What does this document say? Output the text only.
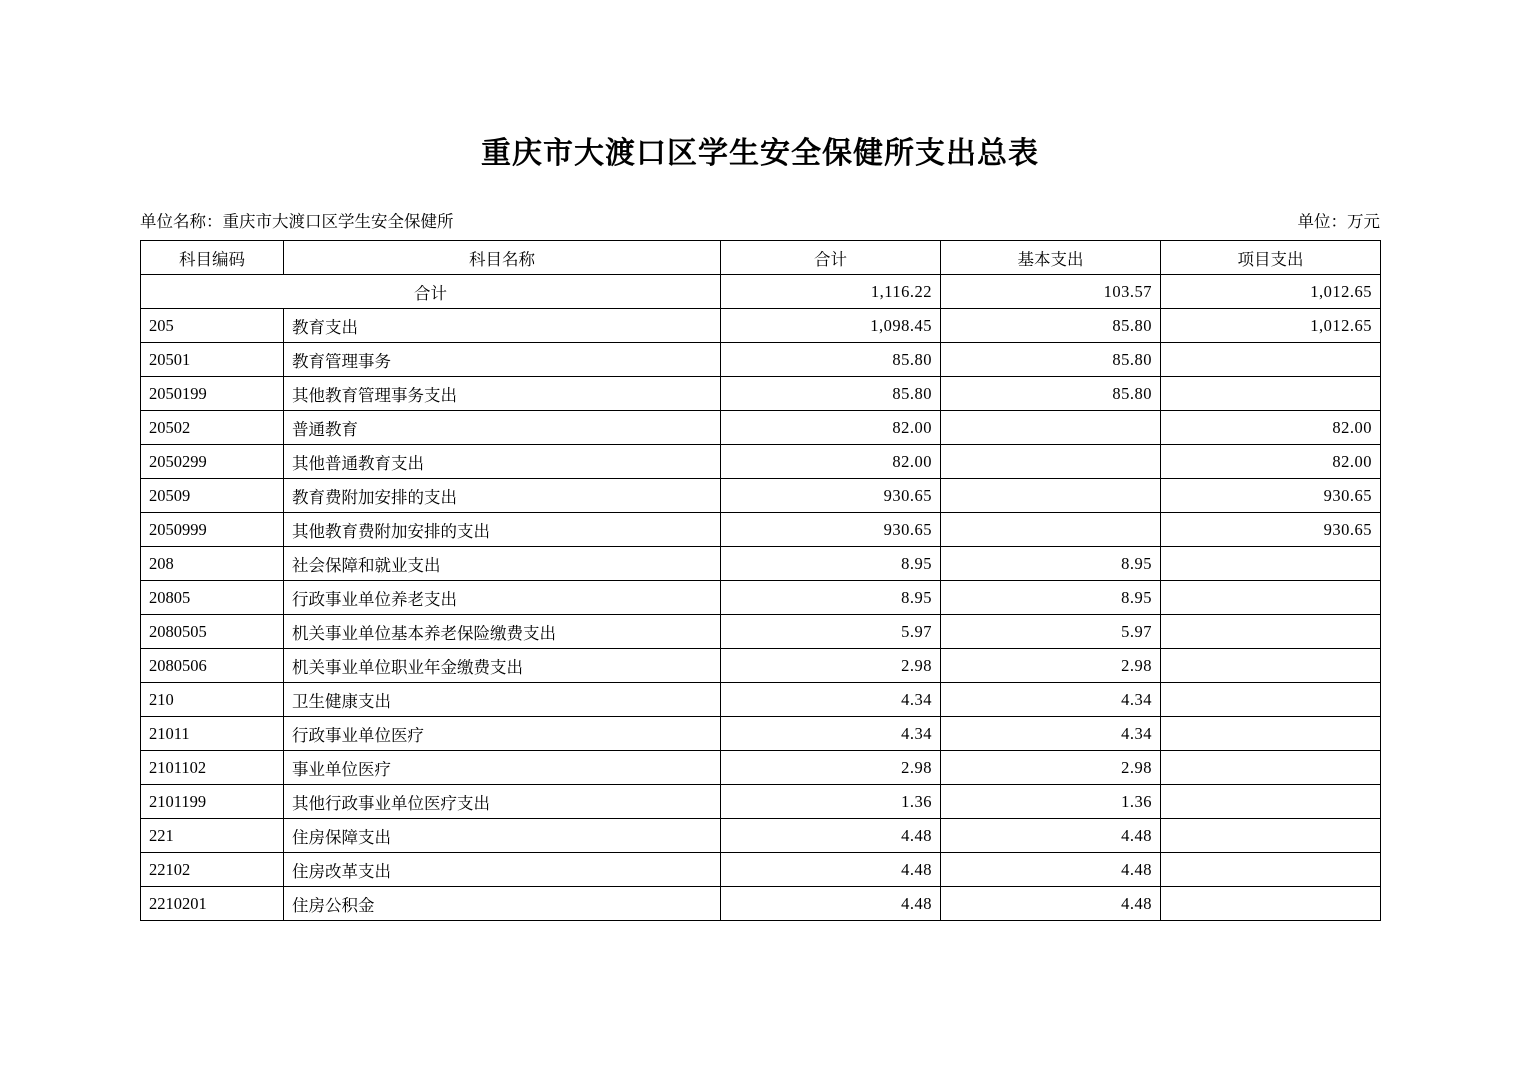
重庆市大渡口区学生安全保健所支出总表
单位名称：重庆市大渡口区学生安全保健所	单位：万元
科目编码	科目名称	合计	基本支出	项目支出
合计		1,116.22	103.57	1,012.65
205	教育支出	1,098.45	85.80	1,012.65
20501	教育管理事务	85.80	85.80	
2050199	其他教育管理事务支出	85.80	85.80	
20502	普通教育	82.00		82.00
2050299	其他普通教育支出	82.00		82.00
20509	教育费附加安排的支出	930.65		930.65
2050999	其他教育费附加安排的支出	930.65		930.65
208	社会保障和就业支出	8.95	8.95	
20805	行政事业单位养老支出	8.95	8.95	
2080505	机关事业单位基本养老保险缴费支出	5.97	5.97	
2080506	机关事业单位职业年金缴费支出	2.98	2.98	
210	卫生健康支出	4.34	4.34	
21011	行政事业单位医疗	4.34	4.34	
2101102	事业单位医疗	2.98	2.98	
2101199	其他行政事业单位医疗支出	1.36	1.36	
221	住房保障支出	4.48	4.48	
22102	住房改革支出	4.48	4.48	
2210201	住房公积金	4.48	4.48	
